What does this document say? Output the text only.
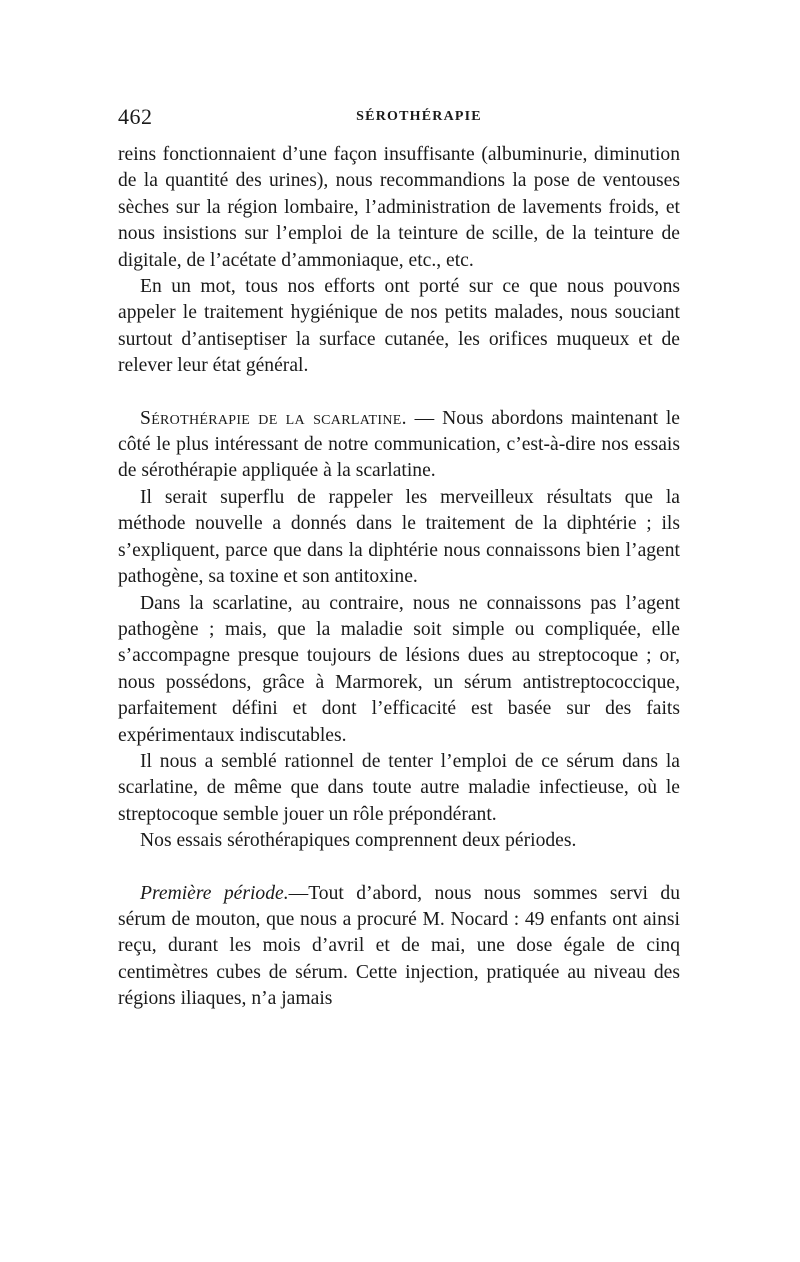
462	SÉROTHÉRAPIE

reins fonctionnaient d’une façon insuffisante (albuminurie, diminution de la quantité des urines), nous recommandions la pose de ventouses sèches sur la région lombaire, l’administration de lavements froids, et nous insistions sur l’emploi de la teinture de scille, de la teinture de digitale, de l’acétate d’ammoniaque, etc., etc.

En un mot, tous nos efforts ont porté sur ce que nous pouvons appeler le traitement hygiénique de nos petits malades, nous souciant surtout d’antiseptiser la surface cutanée, les orifices muqueux et de relever leur état général.

Sérothérapie de la scarlatine. — Nous abordons maintenant le côté le plus intéressant de notre communication, c’est-à-dire nos essais de sérothérapie appliquée à la scarlatine.

Il serait superflu de rappeler les merveilleux résultats que la méthode nouvelle a donnés dans le traitement de la diphtérie ; ils s’expliquent, parce que dans la diphtérie nous connaissons bien l’agent pathogène, sa toxine et son antitoxine.

Dans la scarlatine, au contraire, nous ne connaissons pas l’agent pathogène ; mais, que la maladie soit simple ou compliquée, elle s’accompagne presque toujours de lésions dues au streptocoque ; or, nous possédons, grâce à Marmorek, un sérum antistreptococcique, parfaitement défini et dont l’efficacité est basée sur des faits expérimentaux indiscutables.

Il nous a semblé rationnel de tenter l’emploi de ce sérum dans la scarlatine, de même que dans toute autre maladie infectieuse, où le streptocoque semble jouer un rôle prépondérant.

Nos essais sérothérapiques comprennent deux périodes.

Première période.—Tout d’abord, nous nous sommes servi du sérum de mouton, que nous a procuré M. Nocard : 49 enfants ont ainsi reçu, durant les mois d’avril et de mai, une dose égale de cinq centimètres cubes de sérum. Cette injection, pratiquée au niveau des régions iliaques, n’a jamais
